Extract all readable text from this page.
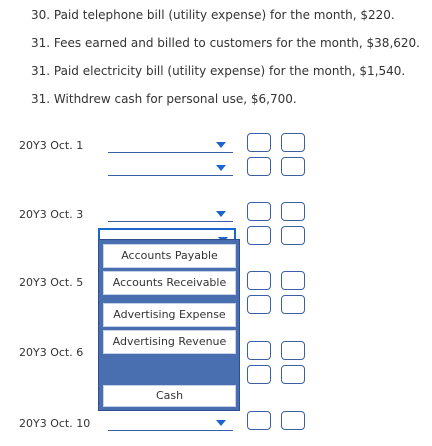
30. Paid telephone bill (utility expense) for the month, $220.
31. Fees earned and billed to customers for the month, $38,620.
31. Paid electricity bill (utility expense) for the month, $1,540.
31. Withdrew cash for personal use, $6,700.
20Y3 Oct. 1
20Y3 Oct. 3
20Y3 Oct. 5
20Y3 Oct. 6
20Y3 Oct. 10
Accounts Payable
Accounts Receivable
Advertising Expense
Advertising Revenue
Cash
